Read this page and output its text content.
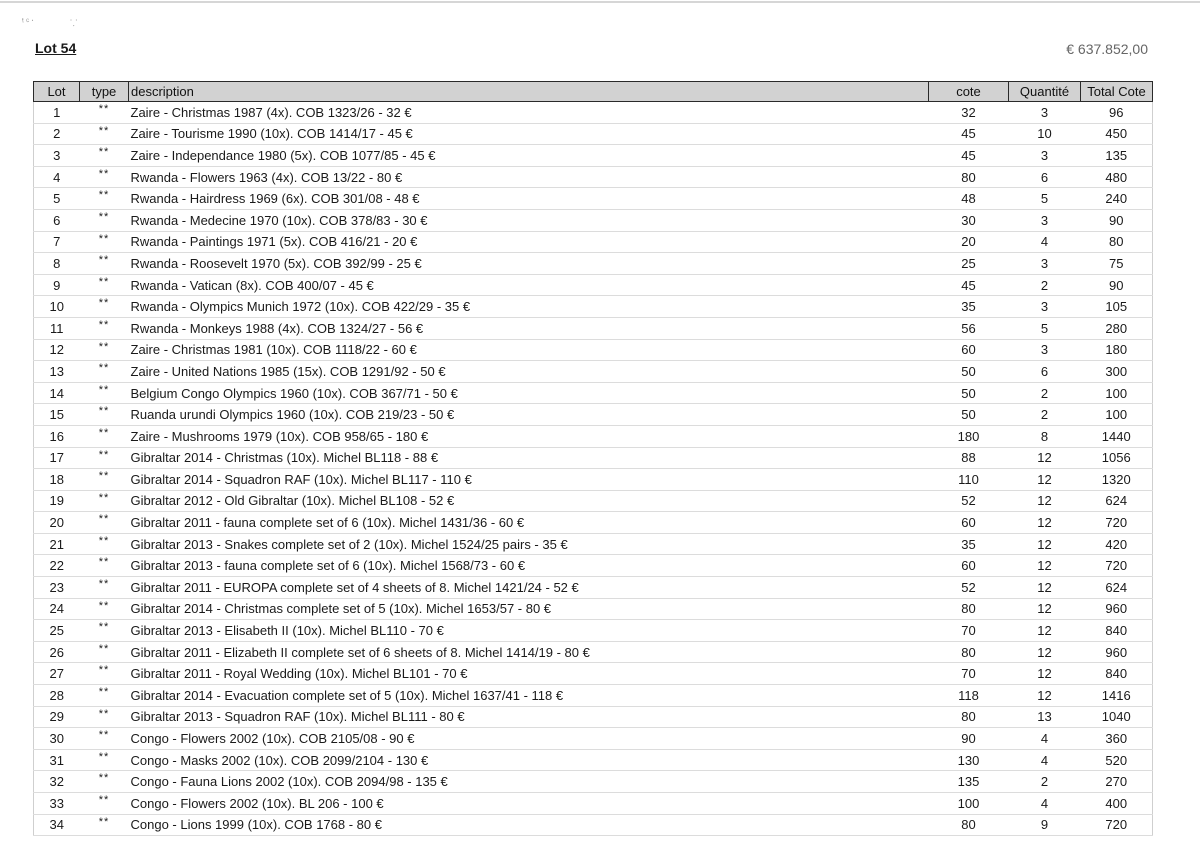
ᶠᶜ⸱	⸪
Lot 54	€ 637.852,00
Lot	type	description	cote	Quantité	Total Cote
1	**	Zaire - Christmas 1987 (4x). COB 1323/26 - 32 €	32	3	96
2	**	Zaire - Tourisme 1990 (10x). COB 1414/17 - 45 €	45	10	450
3	**	Zaire - Independance 1980 (5x). COB 1077/85 - 45 €	45	3	135
4	**	Rwanda - Flowers 1963 (4x). COB 13/22 - 80 €	80	6	480
5	**	Rwanda - Hairdress 1969 (6x). COB 301/08 - 48 €	48	5	240
6	**	Rwanda - Medecine 1970 (10x). COB 378/83 - 30 €	30	3	90
7	**	Rwanda - Paintings 1971 (5x). COB 416/21 - 20 €	20	4	80
8	**	Rwanda - Roosevelt 1970 (5x). COB 392/99 - 25 €	25	3	75
9	**	Rwanda - Vatican (8x). COB 400/07 - 45 €	45	2	90
10	**	Rwanda - Olympics Munich 1972 (10x). COB 422/29 - 35 €	35	3	105
11	**	Rwanda - Monkeys 1988 (4x). COB 1324/27 - 56 €	56	5	280
12	**	Zaire - Christmas 1981 (10x). COB 1118/22 - 60 €	60	3	180
13	**	Zaire - United Nations 1985 (15x). COB 1291/92 - 50 €	50	6	300
14	**	Belgium Congo Olympics 1960 (10x). COB 367/71 - 50 €	50	2	100
15	**	Ruanda urundi Olympics 1960 (10x). COB 219/23 - 50 €	50	2	100
16	**	Zaire - Mushrooms 1979 (10x). COB 958/65 - 180 €	180	8	1440
17	**	Gibraltar 2014 - Christmas (10x). Michel BL118 - 88 €	88	12	1056
18	**	Gibraltar 2014 - Squadron RAF (10x). Michel BL117 - 110 €	110	12	1320
19	**	Gibraltar 2012 - Old Gibraltar (10x). Michel BL108 - 52 €	52	12	624
20	**	Gibraltar 2011 - fauna complete set of 6 (10x). Michel 1431/36 - 60 €	60	12	720
21	**	Gibraltar 2013 - Snakes complete set of 2 (10x). Michel 1524/25 pairs - 35 €	35	12	420
22	**	Gibraltar 2013 - fauna complete set of 6 (10x). Michel 1568/73 - 60 €	60	12	720
23	**	Gibraltar 2011 - EUROPA complete set of 4 sheets of 8. Michel 1421/24 - 52 €	52	12	624
24	**	Gibraltar 2014 - Christmas complete set of 5 (10x). Michel 1653/57 - 80 €	80	12	960
25	**	Gibraltar 2013 - Elisabeth II (10x). Michel BL110 - 70 €	70	12	840
26	**	Gibraltar 2011 - Elizabeth II complete set of 6 sheets of 8. Michel 1414/19 - 80 €	80	12	960
27	**	Gibraltar 2011 - Royal Wedding (10x). Michel BL101 - 70 €	70	12	840
28	**	Gibraltar 2014 - Evacuation complete set of 5 (10x). Michel 1637/41 - 118 €	118	12	1416
29	**	Gibraltar 2013 - Squadron RAF (10x). Michel BL111 - 80 €	80	13	1040
30	**	Congo - Flowers 2002 (10x). COB 2105/08 - 90 €	90	4	360
31	**	Congo - Masks 2002 (10x). COB 2099/2104 - 130 €	130	4	520
32	**	Congo - Fauna Lions 2002 (10x). COB 2094/98 - 135 €	135	2	270
33	**	Congo - Flowers 2002 (10x). BL 206 - 100 €	100	4	400
34	**	Congo - Lions 1999 (10x). COB 1768 - 80 €	80	9	720
